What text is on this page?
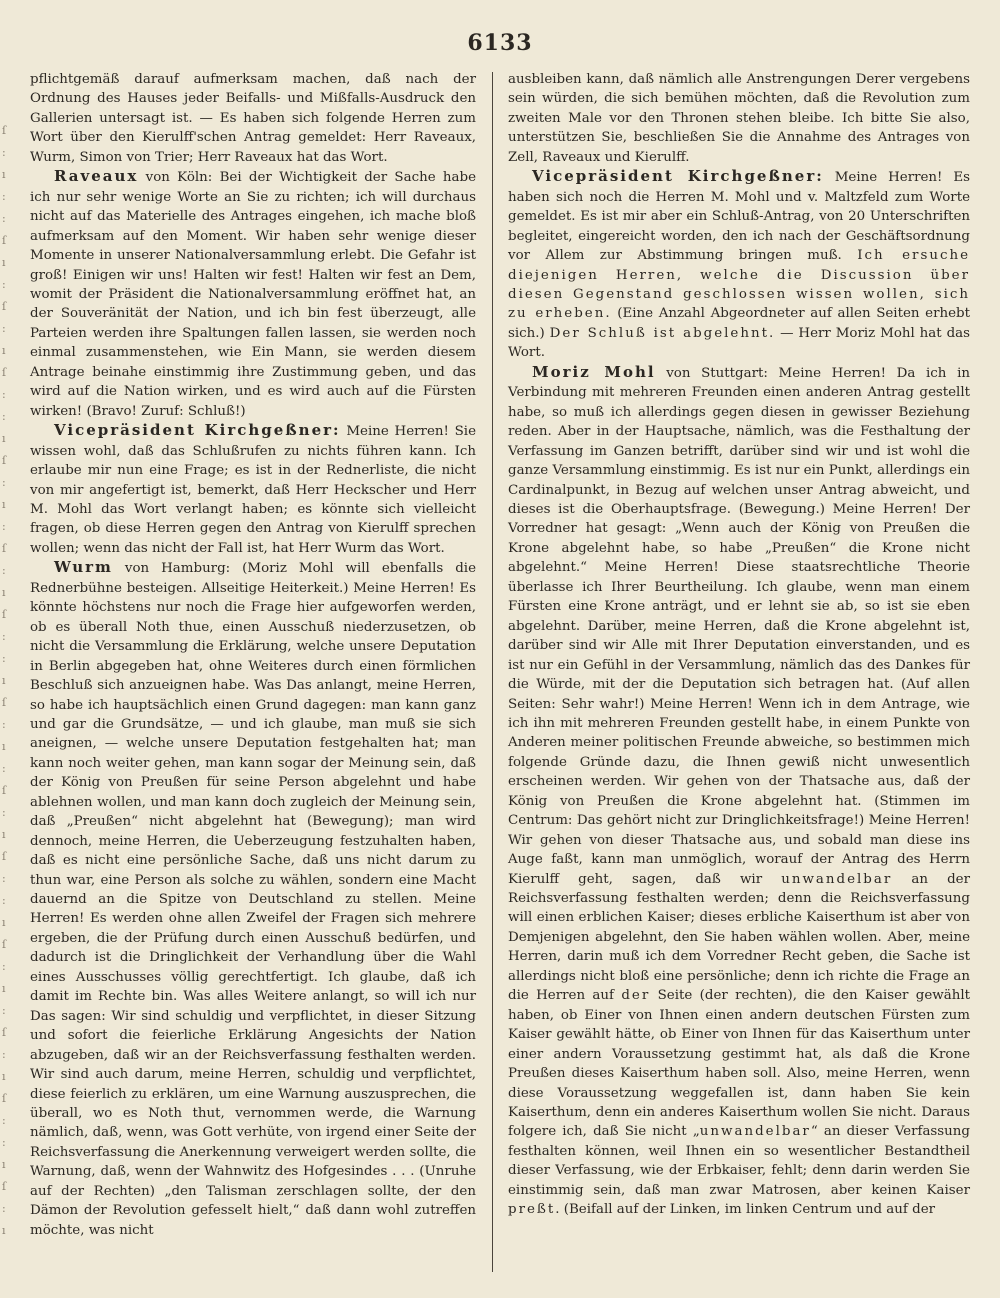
6133
ſ
:
ı
:
:
ſ
ı
:
ſ
:
ı
ſ
:
:
ı
ſ
:
ı
:
ſ
:
ı
ſ
:
:
ı
ſ
:
ı
:
ſ
:
ı
ſ
:
:
ı
ſ
:
ı
:
ſ
:
ı
ſ
:
:
ı
ſ
:
ı

pflichtgemäß darauf aufmerksam machen, daß nach der Ordnung des Hauses jeder Beifalls- und Mißfalls-Ausdruck den Gallerien untersagt ist. — Es haben sich folgende Herren zum Wort über den Kierulff'schen Antrag gemeldet: Herr Raveaux, Wurm, Simon von Trier; Herr Raveaux hat das Wort.

Raveaux von Köln: Bei der Wichtigkeit der Sache habe ich nur sehr wenige Worte an Sie zu richten; ich will durchaus nicht auf das Materielle des Antrages eingehen, ich mache bloß aufmerksam auf den Moment. Wir haben sehr wenige dieser Momente in unserer Nationalversammlung erlebt. Die Gefahr ist groß! Einigen wir uns! Halten wir fest! Halten wir fest an Dem, womit der Präsident die Nationalversammlung eröffnet hat, an der Souveränität der Nation, und ich bin fest überzeugt, alle Parteien werden ihre Spaltungen fallen lassen, sie werden noch einmal zusammenstehen, wie Ein Mann, sie werden diesem Antrage beinahe einstimmig ihre Zustimmung geben, und das wird auf die Nation wirken, und es wird auch auf die Fürsten wirken! (Bravo! Zuruf: Schluß!)

Vicepräsident Kirchgeßner: Meine Herren! Sie wissen wohl, daß das Schlußrufen zu nichts führen kann. Ich erlaube mir nun eine Frage; es ist in der Rednerliste, die nicht von mir angefertigt ist, bemerkt, daß Herr Heckscher und Herr M. Mohl das Wort verlangt haben; es könnte sich vielleicht fragen, ob diese Herren gegen den Antrag von Kierulff sprechen wollen; wenn das nicht der Fall ist, hat Herr Wurm das Wort.

Wurm von Hamburg: (Moriz Mohl will ebenfalls die Rednerbühne besteigen. Allseitige Heiterkeit.) Meine Herren! Es könnte höchstens nur noch die Frage hier aufgeworfen werden, ob es überall Noth thue, einen Ausschuß niederzusetzen, ob nicht die Versammlung die Erklärung, welche unsere Deputation in Berlin abgegeben hat, ohne Weiteres durch einen förmlichen Beschluß sich anzueignen habe. Was Das anlangt, meine Herren, so habe ich hauptsächlich einen Grund dagegen: man kann ganz und gar die Grundsätze, — und ich glaube, man muß sie sich aneignen, — welche unsere Deputation festgehalten hat; man kann noch weiter gehen, man kann sogar der Meinung sein, daß der König von Preußen für seine Person abgelehnt und habe ablehnen wollen, und man kann doch zugleich der Meinung sein, daß „Preußen“ nicht abgelehnt hat (Bewegung); man wird dennoch, meine Herren, die Ueberzeugung festzuhalten haben, daß es nicht eine persönliche Sache, daß uns nicht darum zu thun war, eine Person als solche zu wählen, sondern eine Macht dauernd an die Spitze von Deutschland zu stellen. Meine Herren! Es werden ohne allen Zweifel der Fragen sich mehrere ergeben, die der Prüfung durch einen Ausschuß bedürfen, und dadurch ist die Dringlichkeit der Verhandlung über die Wahl eines Ausschusses völlig gerechtfertigt. Ich glaube, daß ich damit im Rechte bin. Was alles Weitere anlangt, so will ich nur Das sagen: Wir sind schuldig und verpflichtet, in dieser Sitzung und sofort die feierliche Erklärung Angesichts der Nation abzugeben, daß wir an der Reichsverfassung festhalten werden. Wir sind auch darum, meine Herren, schuldig und verpflichtet, diese feierlich zu erklären, um eine Warnung auszusprechen, die überall, wo es Noth thut, vernommen werde, die Warnung nämlich, daß, wenn, was Gott verhüte, von irgend einer Seite der Reichsverfassung die Anerkennung verweigert werden sollte, die Warnung, daß, wenn der Wahnwitz des Hofgesindes . . . (Unruhe auf der Rechten) „den Talisman zerschlagen sollte, der den Dämon der Revolution gefesselt hielt,“ daß dann wohl zutreffen möchte, was nicht

ausbleiben kann, daß nämlich alle Anstrengungen Derer vergebens sein würden, die sich bemühen möchten, daß die Revolution zum zweiten Male vor den Thronen stehen bleibe. Ich bitte Sie also, unterstützen Sie, beschließen Sie die Annahme des Antrages von Zell, Raveaux und Kierulff.

Vicepräsident Kirchgeßner: Meine Herren! Es haben sich noch die Herren M. Mohl und v. Maltzfeld zum Worte gemeldet. Es ist mir aber ein Schluß-Antrag, von 20 Unterschriften begleitet, eingereicht worden, den ich nach der Geschäftsordnung vor Allem zur Abstimmung bringen muß. Ich ersuche diejenigen Herren, welche die Discussion über diesen Gegenstand geschlossen wissen wollen, sich zu erheben. (Eine Anzahl Abgeordneter auf allen Seiten erhebt sich.) Der Schluß ist abgelehnt. — Herr Moriz Mohl hat das Wort.

Moriz Mohl von Stuttgart: Meine Herren! Da ich in Verbindung mit mehreren Freunden einen anderen Antrag gestellt habe, so muß ich allerdings gegen diesen in gewisser Beziehung reden. Aber in der Hauptsache, nämlich, was die Festhaltung der Verfassung im Ganzen betrifft, darüber sind wir und ist wohl die ganze Versammlung einstimmig. Es ist nur ein Punkt, allerdings ein Cardinalpunkt, in Bezug auf welchen unser Antrag abweicht, und dieses ist die Oberhauptsfrage. (Bewegung.) Meine Herren! Der Vorredner hat gesagt: „Wenn auch der König von Preußen die Krone abgelehnt habe, so habe „Preußen“ die Krone nicht abgelehnt.“ Meine Herren! Diese staatsrechtliche Theorie überlasse ich Ihrer Beurtheilung. Ich glaube, wenn man einem Fürsten eine Krone anträgt, und er lehnt sie ab, so ist sie eben abgelehnt. Darüber, meine Herren, daß die Krone abgelehnt ist, darüber sind wir Alle mit Ihrer Deputation einverstanden, und es ist nur ein Gefühl in der Versammlung, nämlich das des Dankes für die Würde, mit der die Deputation sich betragen hat. (Auf allen Seiten: Sehr wahr!) Meine Herren! Wenn ich in dem Antrage, wie ich ihn mit mehreren Freunden gestellt habe, in einem Punkte von Anderen meiner politischen Freunde abweiche, so bestimmen mich folgende Gründe dazu, die Ihnen gewiß nicht unwesentlich erscheinen werden. Wir gehen von der Thatsache aus, daß der König von Preußen die Krone abgelehnt hat. (Stimmen im Centrum: Das gehört nicht zur Dringlichkeitsfrage!) Meine Herren! Wir gehen von dieser Thatsache aus, und sobald man diese ins Auge faßt, kann man unmöglich, worauf der Antrag des Herrn Kierulff geht, sagen, daß wir unwandelbar an der Reichsverfassung festhalten werden; denn die Reichsverfassung will einen erblichen Kaiser; dieses erbliche Kaiserthum ist aber von Demjenigen abgelehnt, den Sie haben wählen wollen. Aber, meine Herren, darin muß ich dem Vorredner Recht geben, die Sache ist allerdings nicht bloß eine persönliche; denn ich richte die Frage an die Herren auf der Seite (der rechten), die den Kaiser gewählt haben, ob Einer von Ihnen einen andern deutschen Fürsten zum Kaiser gewählt hätte, ob Einer von Ihnen für das Kaiserthum unter einer andern Voraussetzung gestimmt hat, als daß die Krone Preußen dieses Kaiserthum haben soll. Also, meine Herren, wenn diese Voraussetzung weggefallen ist, dann haben Sie kein Kaiserthum, denn ein anderes Kaiserthum wollen Sie nicht. Daraus folgere ich, daß Sie nicht „unwandelbar“ an dieser Verfassung festhalten können, weil Ihnen ein so wesentlicher Bestandtheil dieser Verfassung, wie der Erbkaiser, fehlt; denn darin werden Sie einstimmig sein, daß man zwar Matrosen, aber keinen Kaiser preßt. (Beifall auf der Linken, im linken Centrum und auf der
